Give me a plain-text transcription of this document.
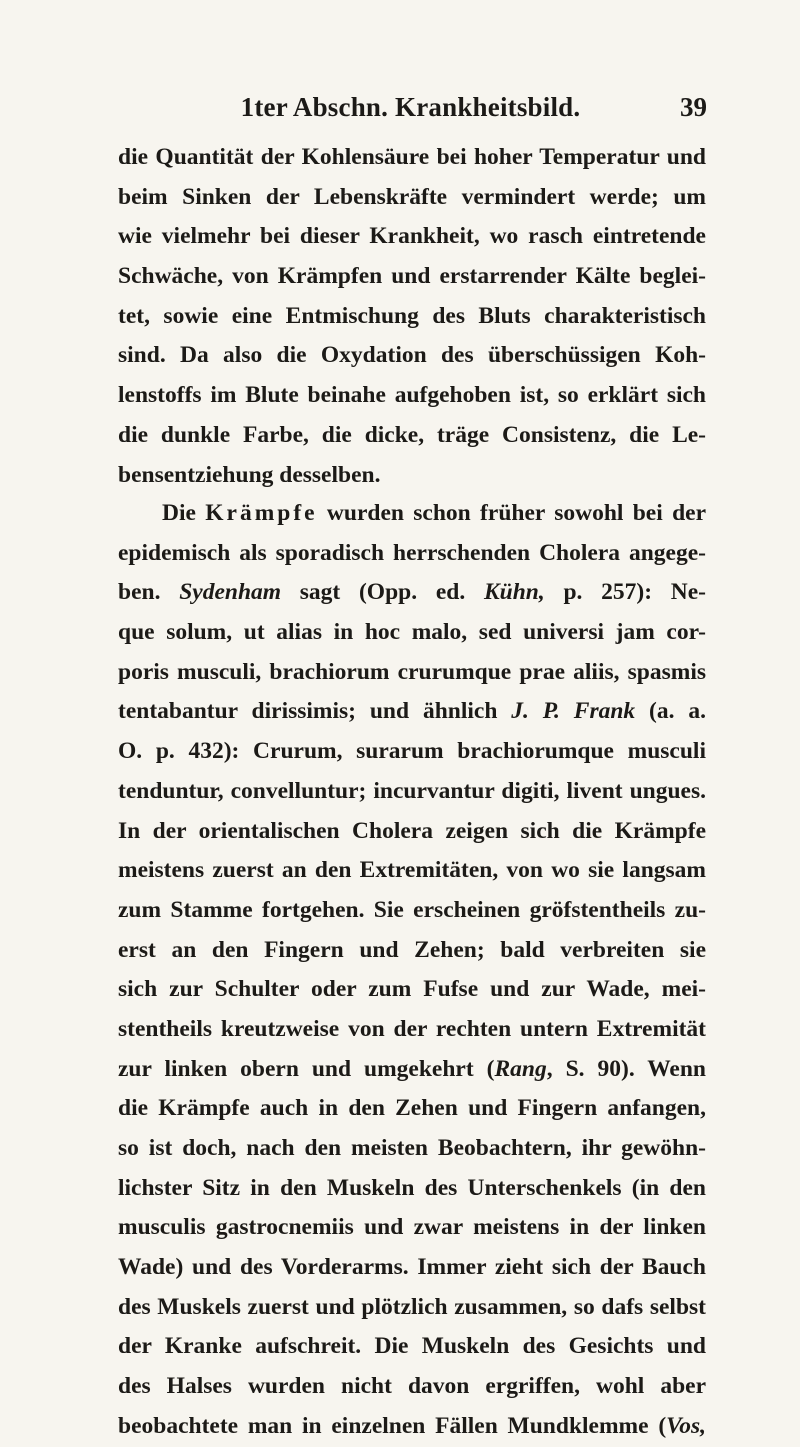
1ter Abschn. Krankheitsbild.	39
die Quantität der Kohlensäure bei hoher Temperatur und
beim Sinken der Lebenskräfte vermindert werde; um
wie vielmehr bei dieser Krankheit, wo rasch eintretende
Schwäche, von Krämpfen und erstarrender Kälte beglei-
tet, sowie eine Entmischung des Bluts charakteristisch
sind. Da also die Oxydation des überschüssigen Koh-
lenstoffs im Blute beinahe aufgehoben ist, so erklärt sich
die dunkle Farbe, die dicke, träge Consistenz, die Le-
bensentziehung desselben.
Die Krämpfe wurden schon früher sowohl bei der
epidemisch als sporadisch herrschenden Cholera angege-
ben. Sydenham sagt (Opp. ed. Kühn, p. 257): Ne-
que solum, ut alias in hoc malo, sed universi jam cor-
poris musculi, brachiorum crurumque prae aliis, spasmis
tentabantur dirissimis; und ähnlich J. P. Frank (a. a.
O. p. 432): Crurum, surarum brachiorumque musculi
tenduntur, convelluntur; incurvantur digiti, livent ungues.
In der orientalischen Cholera zeigen sich die Krämpfe
meistens zuerst an den Extremitäten, von wo sie langsam
zum Stamme fortgehen. Sie erscheinen gröfstentheils zu-
erst an den Fingern und Zehen; bald verbreiten sie
sich zur Schulter oder zum Fufse und zur Wade, mei-
stentheils kreutzweise von der rechten untern Extremität
zur linken obern und umgekehrt (Rang, S. 90). Wenn
die Krämpfe auch in den Zehen und Fingern anfangen,
so ist doch, nach den meisten Beobachtern, ihr gewöhn-
lichster Sitz in den Muskeln des Unterschenkels (in den
musculis gastrocnemiis und zwar meistens in der linken
Wade) und des Vorderarms. Immer zieht sich der Bauch
des Muskels zuerst und plötzlich zusammen, so dafs selbst
der Kranke aufschreit. Die Muskeln des Gesichts und
des Halses wurden nicht davon ergriffen, wohl aber
beobachtete man in einzelnen Fällen Mundklemme (Vos,
